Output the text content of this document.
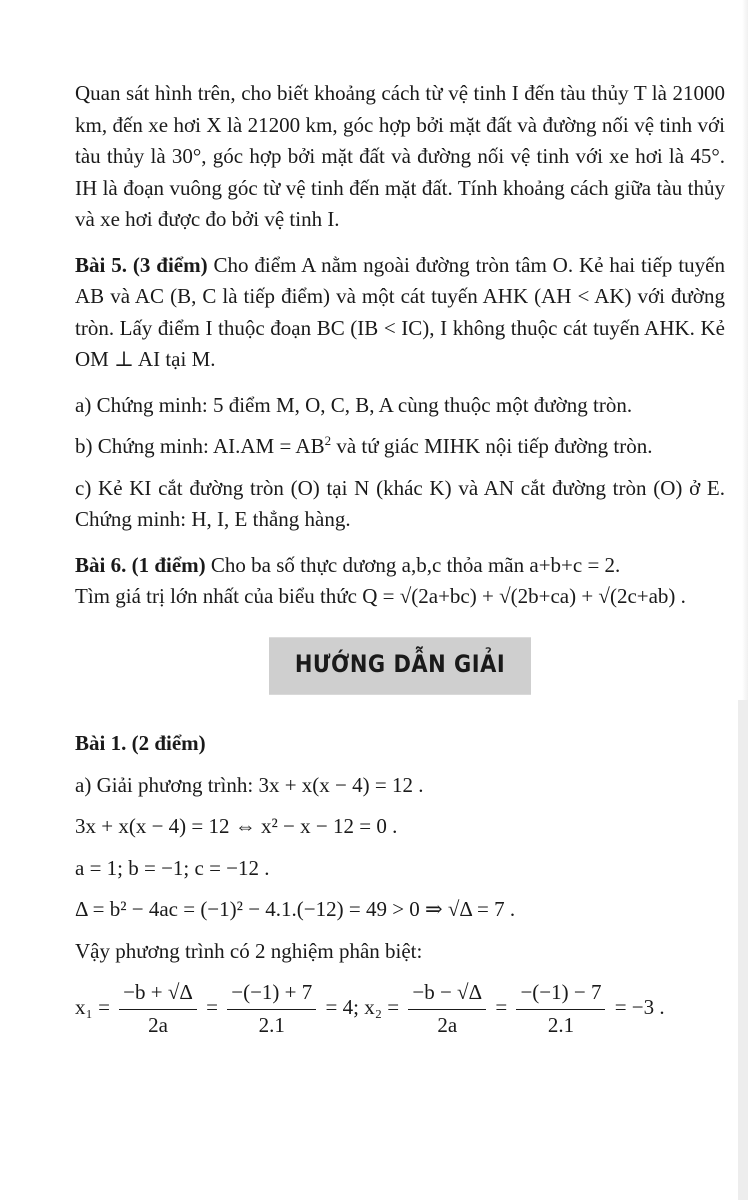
Quan sát hình trên, cho biết khoảng cách từ vệ tinh I đến tàu thủy T là 21000 km, đến xe hơi X là 21200 km, góc hợp bởi mặt đất và đường nối vệ tinh với tàu thủy là 30°, góc hợp bởi mặt đất và đường nối vệ tinh với xe hơi là 45°. IH là đoạn vuông góc từ vệ tinh đến mặt đất. Tính khoảng cách giữa tàu thủy và xe hơi được đo bởi vệ tinh I.

Bài 5. (3 điểm) Cho điểm A nằm ngoài đường tròn tâm O. Kẻ hai tiếp tuyến AB và AC (B, C là tiếp điểm) và một cát tuyến AHK (AH < AK) với đường tròn. Lấy điểm I thuộc đoạn BC (IB < IC), I không thuộc cát tuyến AHK. Kẻ OM ⊥ AI tại M.

a) Chứng minh: 5 điểm M, O, C, B, A cùng thuộc một đường tròn.

b) Chứng minh: $AI.AM = AB^2$ và tứ giác MIHK nội tiếp đường tròn.

c) Kẻ KI cắt đường tròn (O) tại N (khác K) và AN cắt đường tròn (O) ở E. Chứng minh: H, I, E thẳng hàng.

Bài 6. (1 điểm) Cho ba số thực dương a,b,c thỏa mãn a+b+c = 2.

Tìm giá trị lớn nhất của biểu thức Q = √(2a+bc) + √(2b+ca) + √(2c+ab) .

HƯỚNG DẪN GIẢI

Bài 1. (2 điểm)

a) Giải phương trình: 3x + x(x − 4) = 12 .

3x + x(x − 4) = 12 ⇔ x² − x − 12 = 0 .

a = 1; b = −1; c = −12 .

Δ = b² − 4ac = (−1)² − 4.1.(−12) = 49 > 0 ⇒ √Δ = 7 .

Vậy phương trình có 2 nghiệm phân biệt:

$x_1 = \frac{-b + √\Delta}{2a} = \frac{-(-1) + 7}{2.1} = 4$; $x_2 = \frac{-b - √\Delta}{2a} = \frac{-(-1) - 7}{2.1} = -3$ .
